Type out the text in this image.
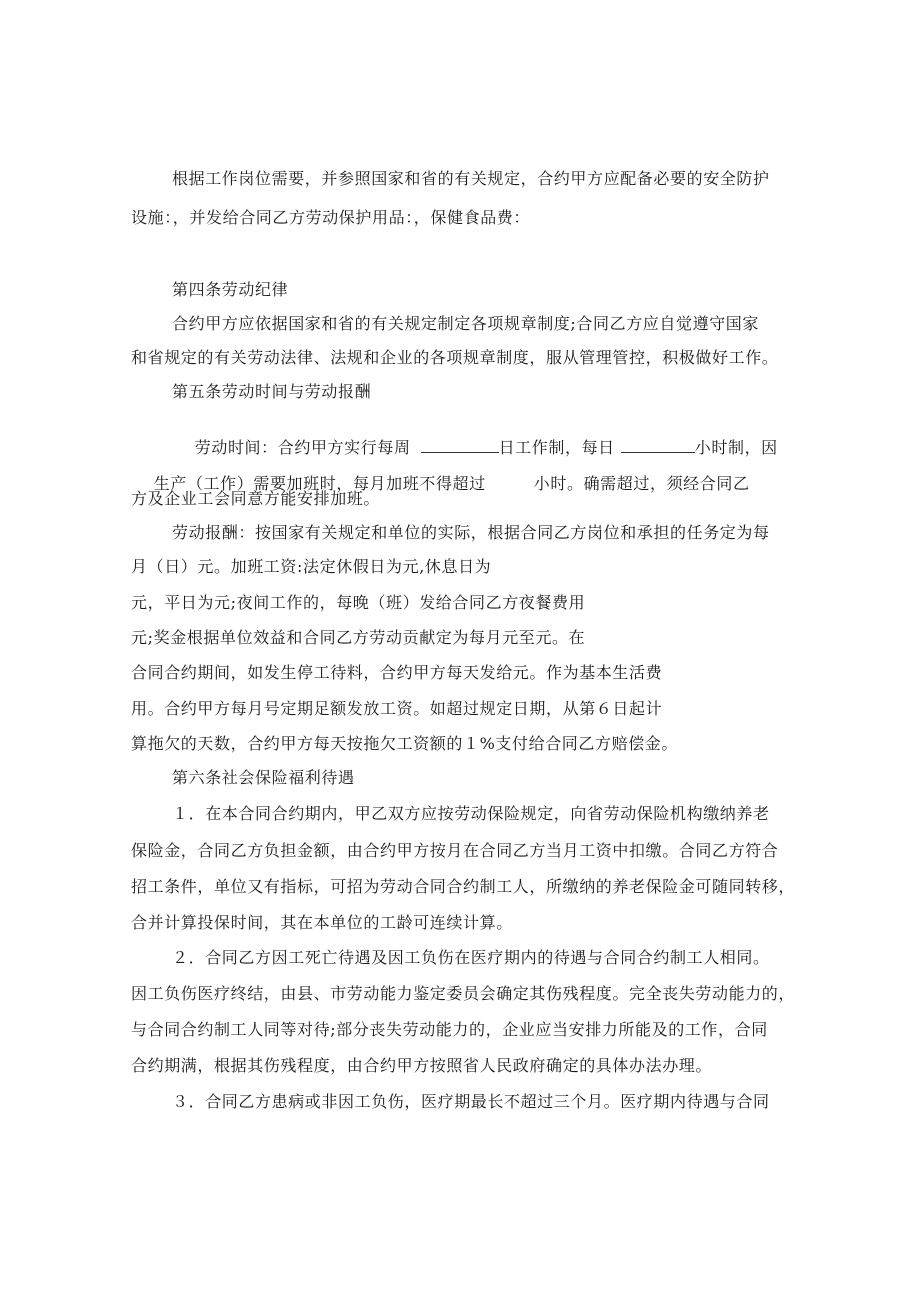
根据工作岗位需要，并参照国家和省的有关规定，合约甲方应配备必要的安全防护

设施：，并发给合同乙方劳动保护用品：，保健食品费：

第四条劳动纪律

合约甲方应依据国家和省的有关规定制定各项规章制度;合同乙方应自觉遵守国家

和省规定的有关劳动法律、法规和企业的各项规章制度，服从管理管控，积极做好工作。

第五条劳动时间与劳动报酬

劳动时间：合约甲方实行每周	日工作制，每日	小时制，因

生产（工作）需要加班时，每月加班不得超过	小时。确需超过，须经合同乙

方及企业工会同意方能安排加班。

劳动报酬：按国家有关规定和单位的实际，根据合同乙方岗位和承担的任务定为每

月（日）元。加班工资:法定休假日为元,休息日为

元，平日为元;夜间工作的，每晚（班）发给合同乙方夜餐费用

元;奖金根据单位效益和合同乙方劳动贡献定为每月元至元。在

合同合约期间，如发生停工待料，合约甲方每天发给元。作为基本生活费

用。合约甲方每月号定期足额发放工资。如超过规定日期，从第６日起计

算拖欠的天数，合约甲方每天按拖欠工资额的１%支付给合同乙方赔偿金。

第六条社会保险福利待遇

１．在本合同合约期内，甲乙双方应按劳动保险规定，向省劳动保险机构缴纳养老

保险金，合同乙方负担金额，由合约甲方按月在合同乙方当月工资中扣缴。合同乙方符合

招工条件，单位又有指标，可招为劳动合同合约制工人，所缴纳的养老保险金可随同转移，

合并计算投保时间，其在本单位的工龄可连续计算。

２．合同乙方因工死亡待遇及因工负伤在医疗期内的待遇与合同合约制工人相同。

因工负伤医疗终结，由县、市劳动能力鉴定委员会确定其伤残程度。完全丧失劳动能力的，

与合同合约制工人同等对待;部分丧失劳动能力的，企业应当安排力所能及的工作，合同

合约期满，根据其伤残程度，由合约甲方按照省人民政府确定的具体办法办理。

３．合同乙方患病或非因工负伤，医疗期最长不超过三个月。医疗期内待遇与合同
